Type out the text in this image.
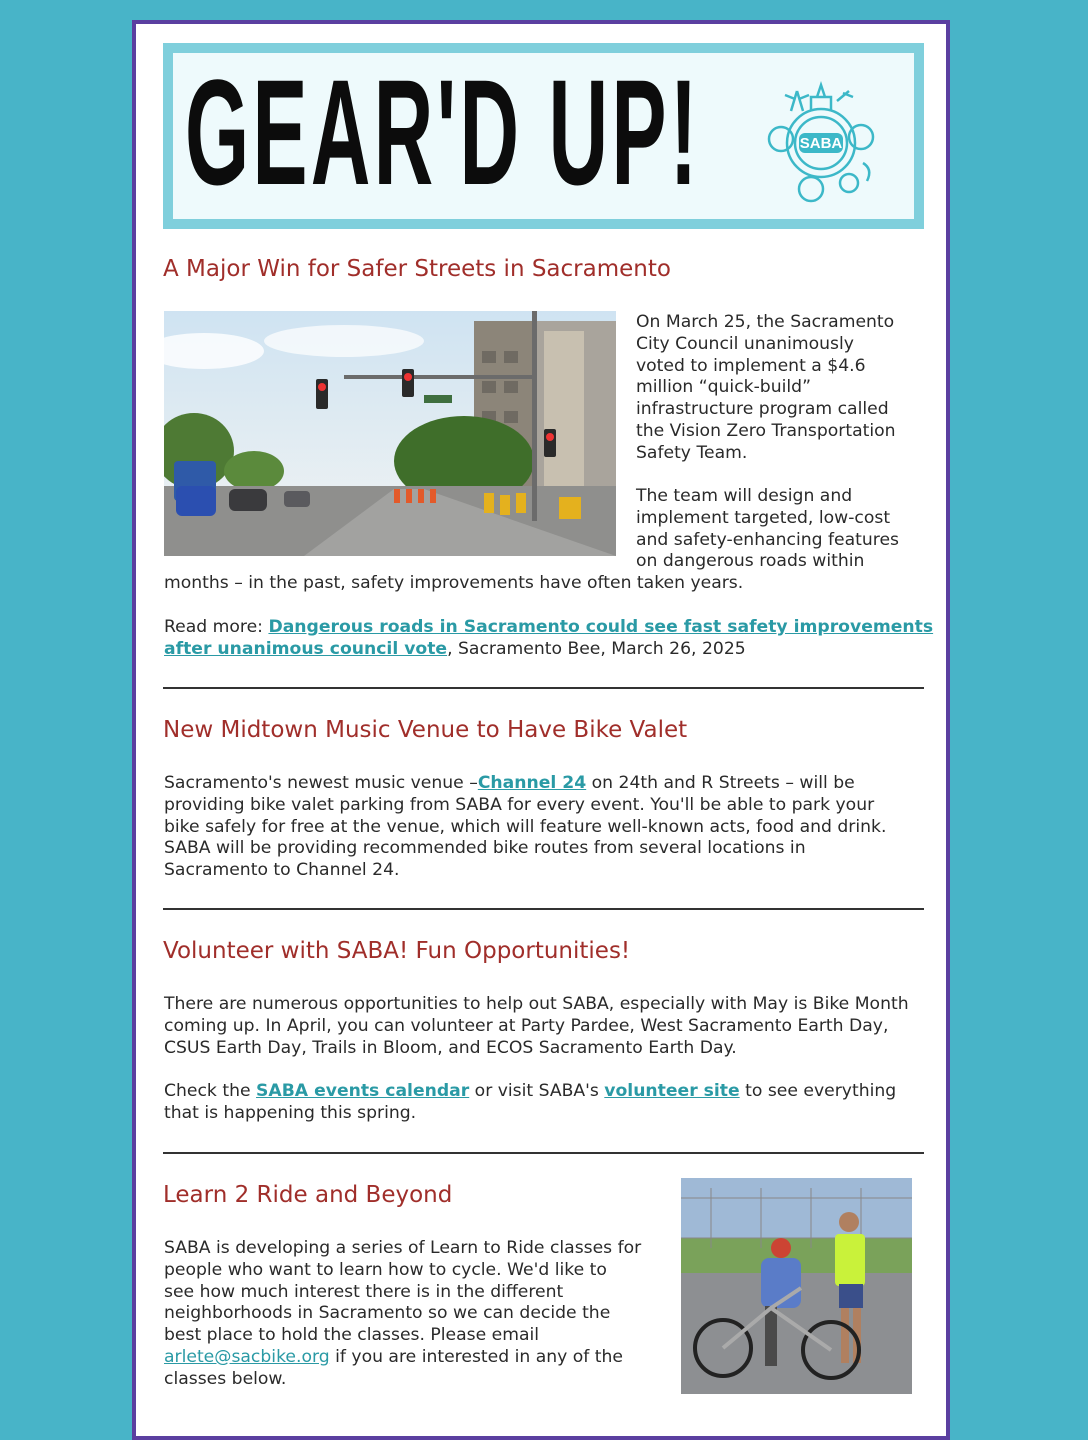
GEAR'D UP!	SABA
A Major Win for Safer Streets in Sacramento

On March 25, the Sacramento
City Council unanimously
voted to implement a $4.6
million “quick-build”
infrastructure program called
the Vision Zero Transportation
Safety Team.

The team will design and
implement targeted, low-cost
and safety-enhancing features
on dangerous roads within

months – in the past, safety improvements have often taken years.

Read more: Dangerous roads in Sacramento could see fast safety improvements
after unanimous council vote, Sacramento Bee, March 26, 2025

New Midtown Music Venue to Have Bike Valet

Sacramento's newest music venue –Channel 24 on 24th and R Streets – will be providing bike valet parking from SABA for every event. You'll be able to park your bike safely for free at the venue, which will feature well-known acts, food and drink. SABA will be providing recommended bike routes from several locations in Sacramento to Channel 24.

Volunteer with SABA! Fun Opportunities!

There are numerous opportunities to help out SABA, especially with May is Bike Month coming up. In April, you can volunteer at Party Pardee, West Sacramento Earth Day, CSUS Earth Day, Trails in Bloom, and ECOS Sacramento Earth Day.

Check the SABA events calendar or visit SABA's volunteer site to see everything that is happening this spring.

Learn 2 Ride and Beyond

SABA is developing a series of Learn to Ride classes for people who want to learn how to cycle. We'd like to see how much interest there is in the different neighborhoods in Sacramento so we can decide the best place to hold the classes. Please email arlete@sacbike.org if you are interested in any of the classes below.
